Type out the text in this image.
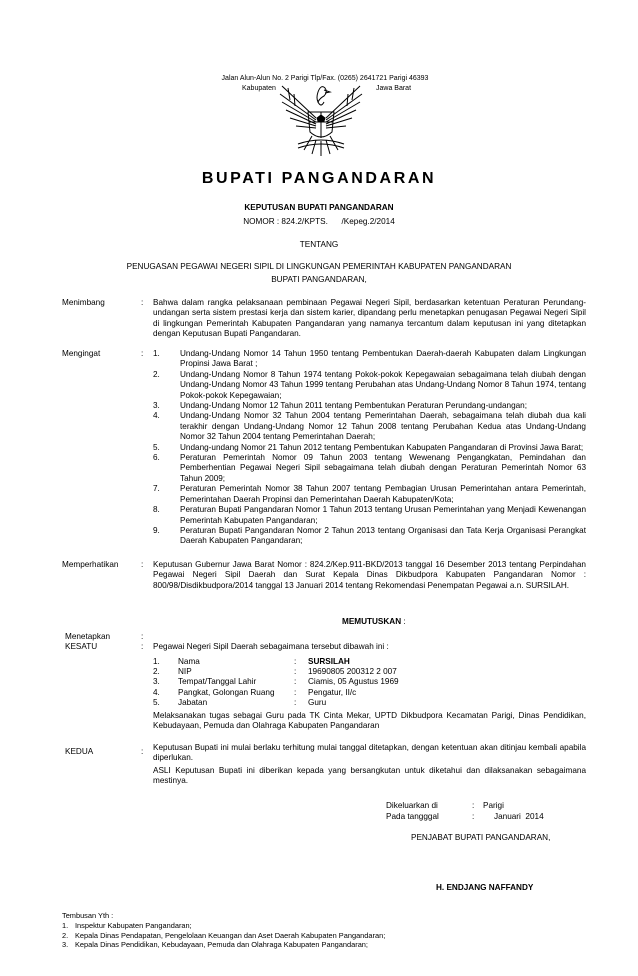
Jalan Alun-Alun No. 2 Parigi Tlp/Fax. (0265) 2641721 Parigi 46393
Kabupaten	Jawa Barat
BUPATI PANGANDARAN
KEPUTUSAN BUPATI PANGANDARAN
NOMOR : 824.2/KPTS.      /Kepeg.2/2014
TENTANG
PENUGASAN PEGAWAI NEGERI SIPIL DI LINGKUNGAN PEMERINTAH KABUPATEN PANGANDARAN
BUPATI PANGANDARAN,
Menimbang	: Bahwa dalam rangka pelaksanaan pembinaan Pegawai Negeri Sipil, berdasarkan ketentuan Peraturan Perundang-undangan serta sistem prestasi kerja dan sistem karier, dipandang perlu menetapkan penugasan Pegawai Negeri Sipil di lingkungan Pemerintah Kabupaten Pangandaran yang namanya tercantum dalam keputusan ini yang ditetapkan dengan Keputusan Bupati Pangandaran.
Mengingat	: 1. Undang-Undang Nomor 14 Tahun 1950 tentang Pembentukan Daerah-daerah Kabupaten dalam Lingkungan Propinsi Jawa Barat ;
2. Undang-Undang Nomor 8 Tahun 1974 tentang Pokok-pokok Kepegawaian sebagaimana telah diubah dengan Undang-Undang Nomor 43 Tahun 1999 tentang Perubahan atas Undang-Undang Nomor 8 Tahun 1974, tentang Pokok-pokok Kepegawaian;
3. Undang-Undang Nomor 12 Tahun 2011 tentang Pembentukan Peraturan Perundang-undangan;
4. Undang-Undang Nomor 32 Tahun 2004 tentang Pemerintahan Daerah, sebagaimana telah diubah dua kali terakhir dengan Undang-Undang Nomor 12 Tahun 2008 tentang Perubahan Kedua atas Undang-Undang Nomor 32 Tahun 2004 tentang Pemerintahan Daerah;
5. Undang-undang Nomor 21 Tahun 2012 tentang Pembentukan Kabupaten Pangandaran di Provinsi Jawa Barat;
6. Peraturan Pemerintah Nomor 09 Tahun 2003 tentang Wewenang Pengangkatan, Pemindahan dan Pemberhentian Pegawai Negeri Sipil sebagaimana telah diubah dengan Peraturan Pemerintah Nomor 63 Tahun 2009;
7. Peraturan Pemerintah Nomor 38 Tahun 2007 tentang Pembagian Urusan Pemerintahan antara Pemerintah, Pemerintahan Daerah Propinsi dan Pemerintahan Daerah Kabupaten/Kota;
8. Peraturan Bupati Pangandaran Nomor 1 Tahun 2013 tentang Urusan Pemerintahan yang Menjadi Kewenangan Pemerintah Kabupaten Pangandaran;
9. Peraturan Bupati Pangandaran Nomor 2 Tahun 2013 tentang Organisasi dan Tata Kerja Organisasi Perangkat Daerah Kabupaten Pangandaran;
Memperhatikan	: Keputusan Gubernur Jawa Barat Nomor : 824.2/Kep.911-BKD/2013 tanggal 16 Desember 2013 tentang Perpindahan Pegawai Negeri Sipil Daerah dan Surat Kepala Dinas Dikbudpora Kabupaten Pangandaran Nomor : 800/98/Disdikbudpora/2014 tanggal 13 Januari 2014 tentang Rekomendasi Penempatan Pegawai a.n. SURSILAH.
MEMUTUSKAN :
Menetapkan	:
KESATU	: Pegawai Negeri Sipil Daerah sebagaimana tersebut dibawah ini :
1.	Nama	:	SURSILAH
2.	NIP	:	19690805 200312 2 007
3.	Tempat/Tanggal Lahir	:	Ciamis, 05 Agustus 1969
4.	Pangkat, Golongan Ruang	:	Pengatur, II/c
5.	Jabatan	:	Guru
Melaksanakan tugas sebagai Guru pada TK Cinta Mekar, UPTD Dikbudpora Kecamatan Parigi, Dinas Pendidikan, Kebudayaan, Pemuda dan Olahraga Kabupaten Pangandaran
KEDUA	: Keputusan Bupati ini mulai berlaku terhitung mulai tanggal ditetapkan, dengan ketentuan akan ditinjau kembali apabila diperlukan.
ASLI Keputusan Bupati ini diberikan kepada yang bersangkutan untuk diketahui dan dilaksanakan sebagaimana mestinya.
Dikeluarkan di	: Parigi
Pada tangggal	: Januari  2014
PENJABAT BUPATI PANGANDARAN,
H. ENDJANG NAFFANDY
Tembusan Yth :
1. Inspektur Kabupaten Pangandaran;
2. Kepala Dinas Pendapatan, Pengelolaan Keuangan dan Aset Daerah Kabupaten Pangandaran;
3. Kepala Dinas Pendidikan, Kebudayaan, Pemuda dan Olahraga Kabupaten Pangandaran;
